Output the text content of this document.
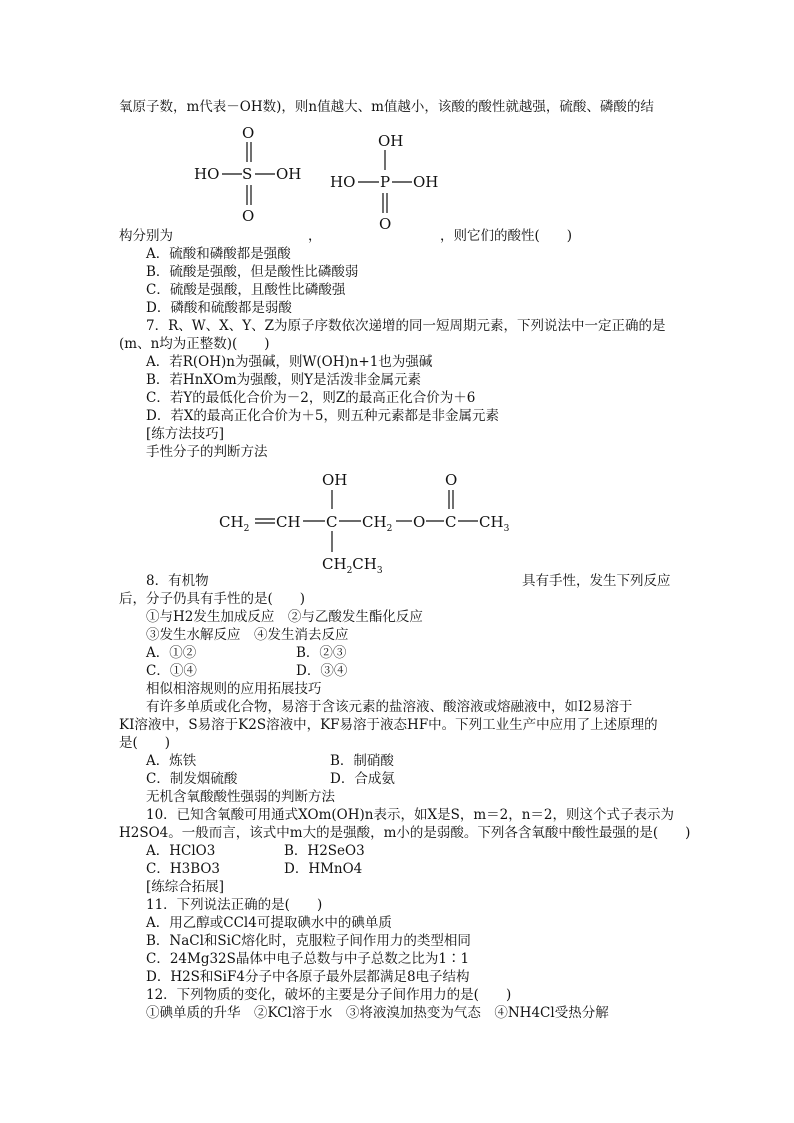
氧原子数，m代表－OH数)，则n值越大、m值越小，该酸的酸性就越强，硫酸、磷酸的结
O
HO S OH
O
OH
HO P OH
O
构分别为	，	，则它们的酸性(　　)
A．硫酸和磷酸都是强酸
B．硫酸是强酸，但是酸性比磷酸弱
C．硫酸是强酸，且酸性比磷酸强
D．磷酸和硫酸都是弱酸
7．R、W、X、Y、Z为原子序数依次递增的同一短周期元素，下列说法中一定正确的是
(m、n均为正整数)(　　)
A．若R(OH)n为强碱，则W(OH)n+1也为强碱
B．若HnXOm为强酸，则Y是活泼非金属元素
C．若Y的最低化合价为－2，则Z的最高正化合价为＋6
D．若X的最高正化合价为＋5，则五种元素都是非金属元素
[练方法技巧]
手性分子的判断方法
OH	O
$CH_2$ CH C $CH_2$ O C $CH_3$
$CH_2CH_3$
8．有机物	具有手性，发生下列反应
后，分子仍具有手性的是(　　)
①与H2发生加成反应　②与乙酸发生酯化反应
③发生水解反应　④发生消去反应
A．①②	B．②③
C．①④	D．③④
相似相溶规则的应用拓展技巧
有许多单质或化合物，易溶于含该元素的盐溶液、酸溶液或熔融液中，如I2易溶于
KI溶液中，S易溶于K2S溶液中，KF易溶于液态HF中。下列工业生产中应用了上述原理的
是(　　)
A．炼铁	B．制硝酸
C．制发烟硫酸	D．合成氨
无机含氧酸酸性强弱的判断方法
10．已知含氧酸可用通式XOm(OH)n表示，如X是S，m＝2，n＝2，则这个式子表示为
H2SO4。一般而言，该式中m大的是强酸，m小的是弱酸。下列各含氧酸中酸性最强的是(　　)
A．HClO3	B．H2SeO3
C．H3BO3	D．HMnO4
[练综合拓展]
11．下列说法正确的是(　　)
A．用乙醇或CCl4可提取碘水中的碘单质
B．NaCl和SiC熔化时，克服粒子间作用力的类型相同
C．24Mg32S晶体中电子总数与中子总数之比为1∶1
D．H2S和SiF4分子中各原子最外层都满足8电子结构
12．下列物质的变化，破坏的主要是分子间作用力的是(　　)
①碘单质的升华　②KCl溶于水　③将液溴加热变为气态　④NH4Cl受热分解
